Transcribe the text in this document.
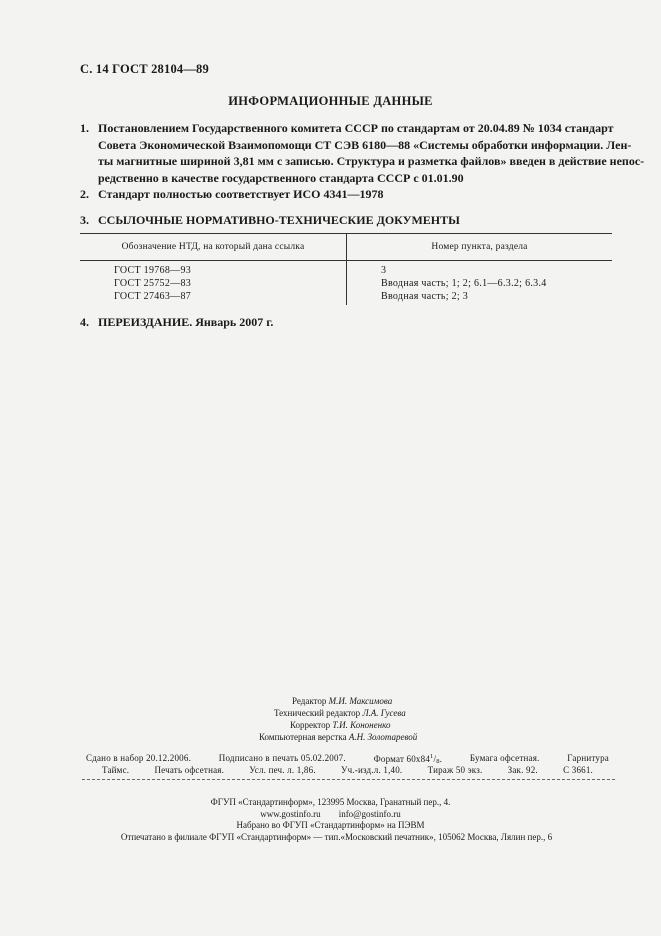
С. 14 ГОСТ 28104—89
ИНФОРМАЦИОННЫЕ ДАННЫЕ
1. Постановлением Государственного комитета СССР по стандартам от 20.04.89 № 1034 стандарт
Совета Экономической Взаимопомощи СТ СЭВ 6180—88 «Системы обработки информации. Лен-
ты магнитные шириной 3,81 мм с записью. Структура и разметка файлов» введен в действие непос-
редственно в качестве государственного стандарта СССР с 01.01.90
2. Стандарт полностью соответствует ИСО 4341—1978
3. ССЫЛОЧНЫЕ НОРМАТИВНО-ТЕХНИЧЕСКИЕ ДОКУМЕНТЫ
Обозначение НТД, на который дана ссылка	Номер пункта, раздела
ГОСТ 19768—93	3
ГОСТ 25752—83	Вводная часть; 1; 2; 6.1—6.3.2; 6.3.4
ГОСТ 27463—87	Вводная часть; 2; 3
4. ПЕРЕИЗДАНИЕ. Январь 2007 г.
Редактор М.И. Максимова
Технический редактор Л.А. Гусева
Корректор Т.И. Кононенко
Компьютерная верстка А.Н. Золотаревой
Сдано в набор 20.12.2006.	Подписано в печать 05.02.2007.	Формат $60x84^1/8$.	Бумага офсетная.	Гарнитура
Таймс.	Печать офсетная.	Усл. печ. л. 1,86.	Уч.-изд.л. 1,40.	Тираж 50 экз.	Зак. 92.	С 3661.
ФГУП «Стандартинформ», 123995 Москва, Гранатный пер., 4.
www.gostinfo.ru info@gostinfo.ru
Набрано во ФГУП «Стандартинформ» на ПЭВМ
Отпечатано в филиале ФГУП «Стандартинформ» — тип.«Московский печатник», 105062 Москва, Лялин пер., 6
